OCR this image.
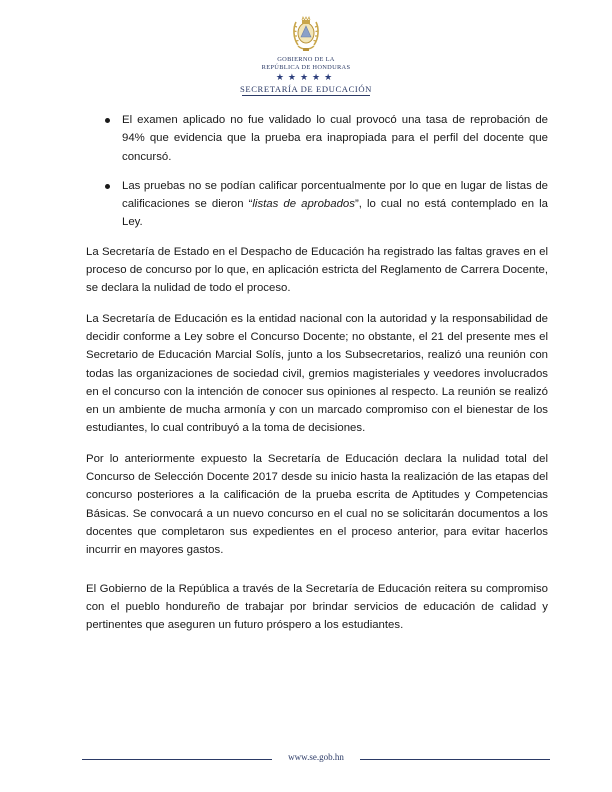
GOBIERNO DE LA
REPÚBLICA DE HONDURAS
★★★★★
SECRETARÍA DE EDUCACIÓN
El examen aplicado no fue validado lo cual provocó una tasa de reprobación de 94% que evidencia que la prueba era inapropiada para el perfil del docente que concursó.
Las pruebas no se podían calificar porcentualmente por lo que en lugar de listas de calificaciones se dieron “listas de aprobados”, lo cual no está contemplado en la Ley.

La Secretaría de Estado en el Despacho de Educación ha registrado las faltas graves en el proceso de concurso por lo que, en aplicación estricta del Reglamento de Carrera Docente, se declara la nulidad de todo el proceso.

La Secretaría de Educación es la entidad nacional con la autoridad y la responsabilidad de decidir conforme a Ley sobre el Concurso Docente; no obstante, el 21 del presente mes el Secretario de Educación Marcial Solís, junto a los Subsecretarios, realizó una reunión con todas las organizaciones de sociedad civil, gremios magisteriales y veedores involucrados en el concurso con la intención de conocer sus opiniones al respecto. La reunión se realizó en un ambiente de mucha armonía y con un marcado compromiso con el bienestar de los estudiantes, lo cual contribuyó a la toma de decisiones.

Por lo anteriormente expuesto la Secretaría de Educación declara la nulidad total del Concurso de Selección Docente 2017 desde su inicio hasta la realización de las etapas del concurso posteriores a la calificación de la prueba escrita de Aptitudes y Competencias Básicas. Se convocará a un nuevo concurso en el cual no se solicitarán documentos a los docentes que completaron sus expedientes en el proceso anterior, para evitar hacerlos incurrir en mayores gastos.

El Gobierno de la República a través de la Secretaría de Educación reitera su compromiso con el pueblo hondureño de trabajar por brindar servicios de educación de calidad y pertinentes que aseguren un futuro próspero a los estudiantes.

www.se.gob.hn
